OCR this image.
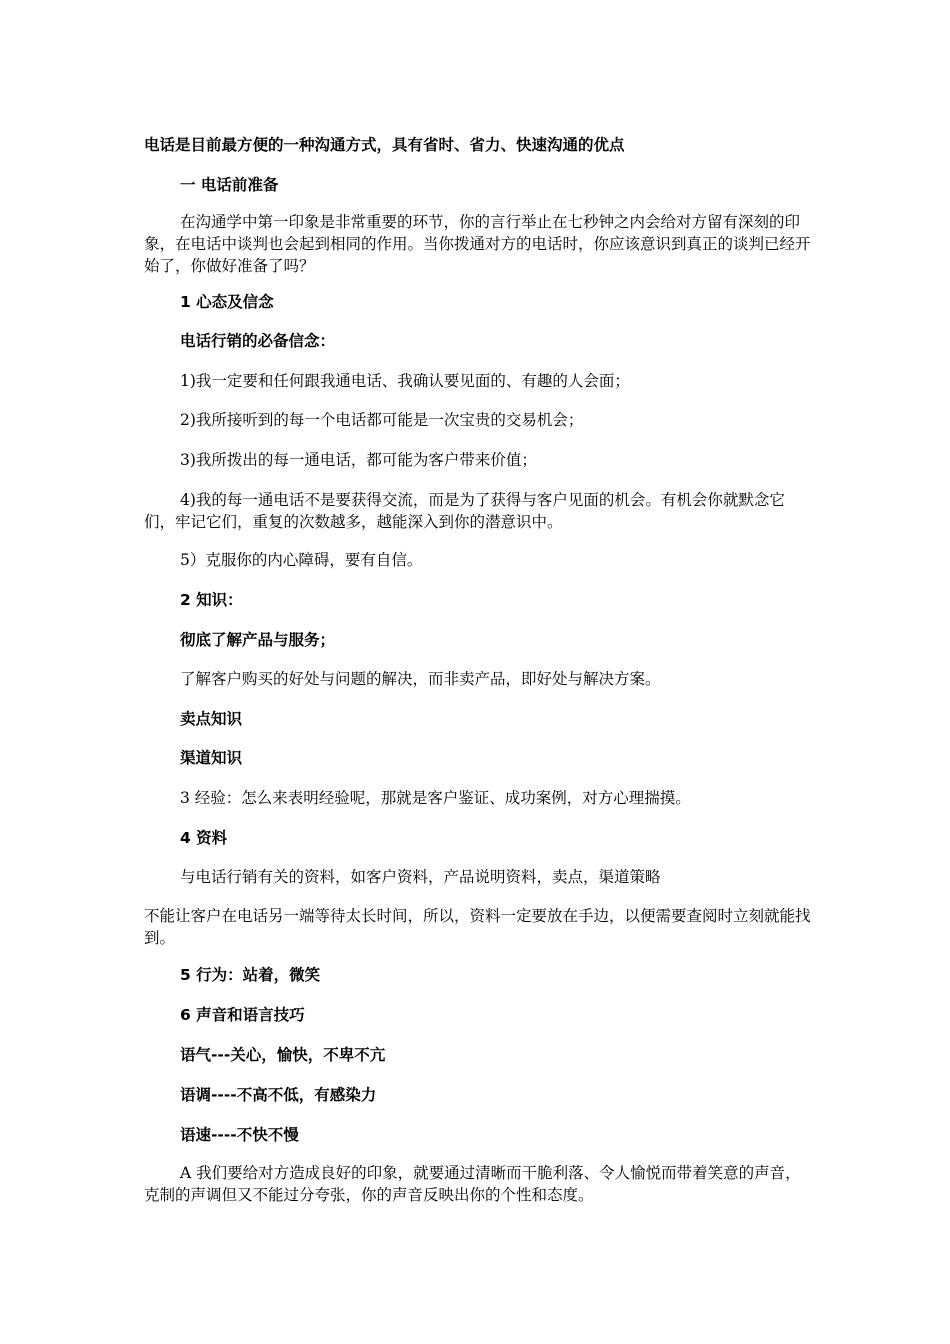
电话是目前最方便的一种沟通方式，具有省时、省力、快速沟通的优点

一 电话前准备

在沟通学中第一印象是非常重要的环节，你的言行举止在七秒钟之内会给对方留有深刻的印象，在电话中谈判也会起到相同的作用。当你拨通对方的电话时，你应该意识到真正的谈判已经开始了，你做好准备了吗？

1 心态及信念

电话行销的必备信念：

1)我一定要和任何跟我通电话、我确认要见面的、有趣的人会面；

2)我所接听到的每一个电话都可能是一次宝贵的交易机会；

3)我所拨出的每一通电话，都可能为客户带来价值；

4)我的每一通电话不是要获得交流，而是为了获得与客户见面的机会。有机会你就默念它们，牢记它们，重复的次数越多，越能深入到你的潜意识中。

5）克服你的内心障碍，要有自信。

2 知识：

彻底了解产品与服务；

了解客户购买的好处与问题的解决，而非卖产品，即好处与解决方案。

卖点知识

渠道知识

3 经验：怎么来表明经验呢，那就是客户鉴证、成功案例，对方心理揣摸。

4 资料

与电话行销有关的资料，如客户资料，产品说明资料，卖点，渠道策略

不能让客户在电话另一端等待太长时间，所以，资料一定要放在手边，以便需要查阅时立刻就能找到。

5 行为：站着，微笑

6 声音和语言技巧

语气---关心，愉快，不卑不亢

语调----不高不低，有感染力

语速----不快不慢

A 我们要给对方造成良好的印象，就要通过清晰而干脆利落、令人愉悦而带着笑意的声音，克制的声调但又不能过分夸张，你的声音反映出你的个性和态度。
